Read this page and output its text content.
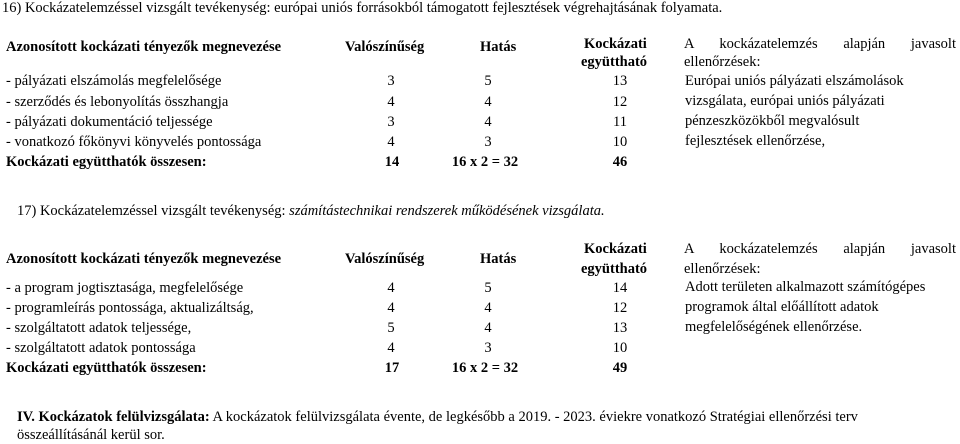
16) Kockázatelemzéssel vizsgált tevékenység: európai uniós forrásokból támogatott fejlesztések végrehajtásának folyamata.
Azonosított kockázati tényezők megnevezése	Valószínűség	Hatás	Kockázati
együttható
A kockázatelemzés alapján javasolt
ellenőrzések:
- pályázati elszámolás megfelelősége	3	5	13
- szerződés és lebonyolítás összhangja	4	4	12
- pályázati dokumentáció teljessége	3	4	11
- vonatkozó főkönyvi könyvelés pontossága	4	3	10
Kockázati együtthatók összesen:	14	16 x 2 = 32	46
Európai uniós pályázati elszámolások
vizsgálata, európai uniós pályázati
pénzeszközökből megvalósult
fejlesztések ellenőrzése,
17) Kockázatelemzéssel vizsgált tevékenység: számítástechnikai rendszerek működésének vizsgálata.
Azonosított kockázati tényezők megnevezése	Valószínűség	Hatás
Kockázati
együttható
A kockázatelemzés alapján javasolt
ellenőrzések:
- a program jogtisztasága, megfelelősége	4	5	14
- programleírás pontossága, aktualizáltság,	4	4	12
- szolgáltatott adatok teljessége,	5	4	13
- szolgáltatott adatok pontossága	4	3	10
Kockázati együtthatók összesen:	17	16 x 2 = 32	49
Adott területen alkalmazott számítógépes
programok által előállított adatok
megfelelőségének ellenőrzése.
IV. Kockázatok felülvizsgálata: A kockázatok felülvizsgálata évente, de legkésőbb a 2019. - 2023. éviekre vonatkozó Stratégiai ellenőrzési terv
összeállításánál kerül sor.
